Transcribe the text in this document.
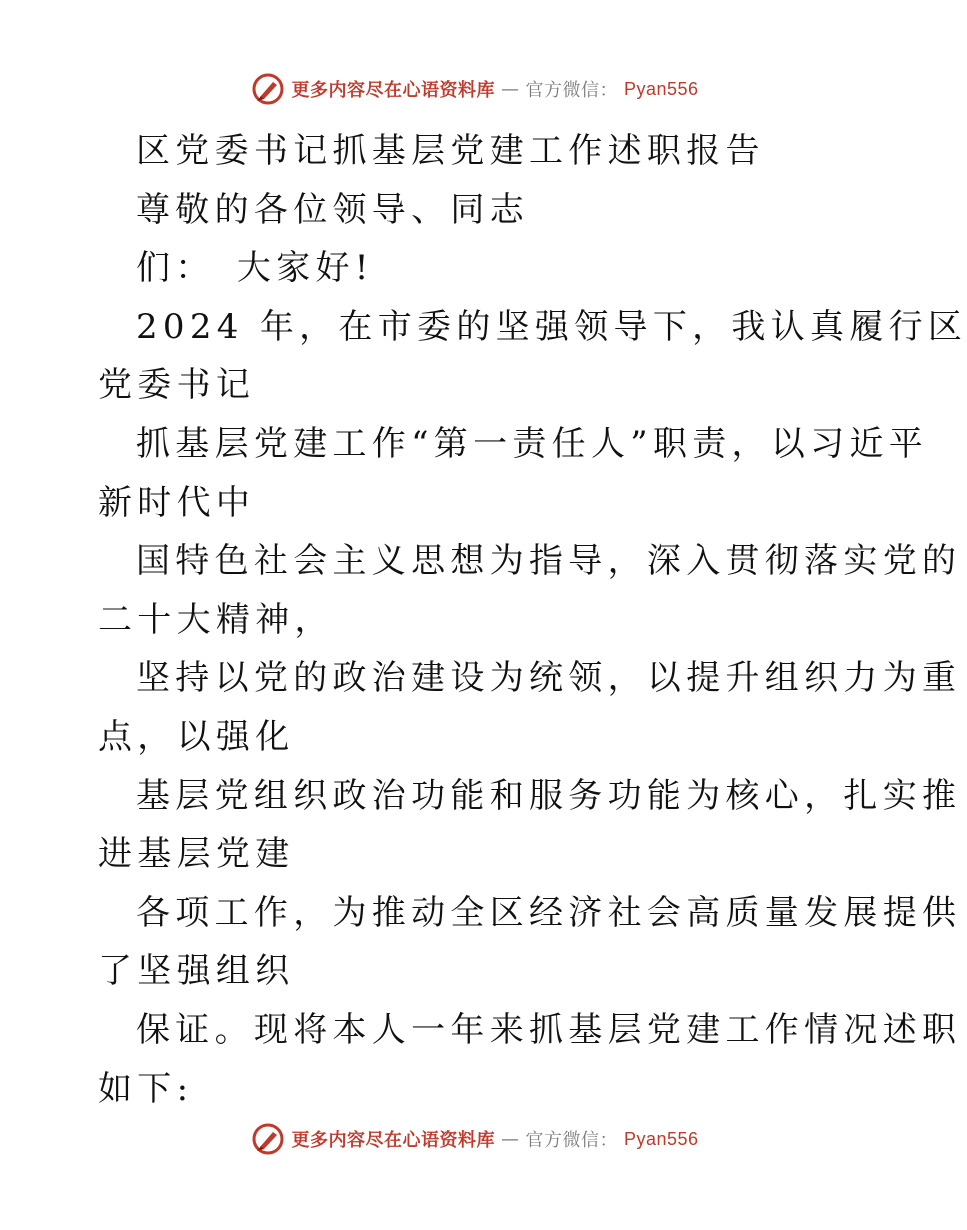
更多内容尽在心语资料库 — 官方微信： Pyan556
区党委书记抓基层党建工作述职报告
尊敬的各位领导、同志
们：　大家好!
2024 年，在市委的坚强领导下，我认真履行区
党委书记
抓基层党建工作“第一责任人”职责，以习近平
新时代中
国特色社会主义思想为指导，深入贯彻落实党的
二十大精神，
坚持以党的政治建设为统领，以提升组织力为重
点，以强化
基层党组织政治功能和服务功能为核心，扎实推
进基层党建
各项工作，为推动全区经济社会高质量发展提供
了坚强组织
保证。现将本人一年来抓基层党建工作情况述职
如下:
更多内容尽在心语资料库 — 官方微信： Pyan556
